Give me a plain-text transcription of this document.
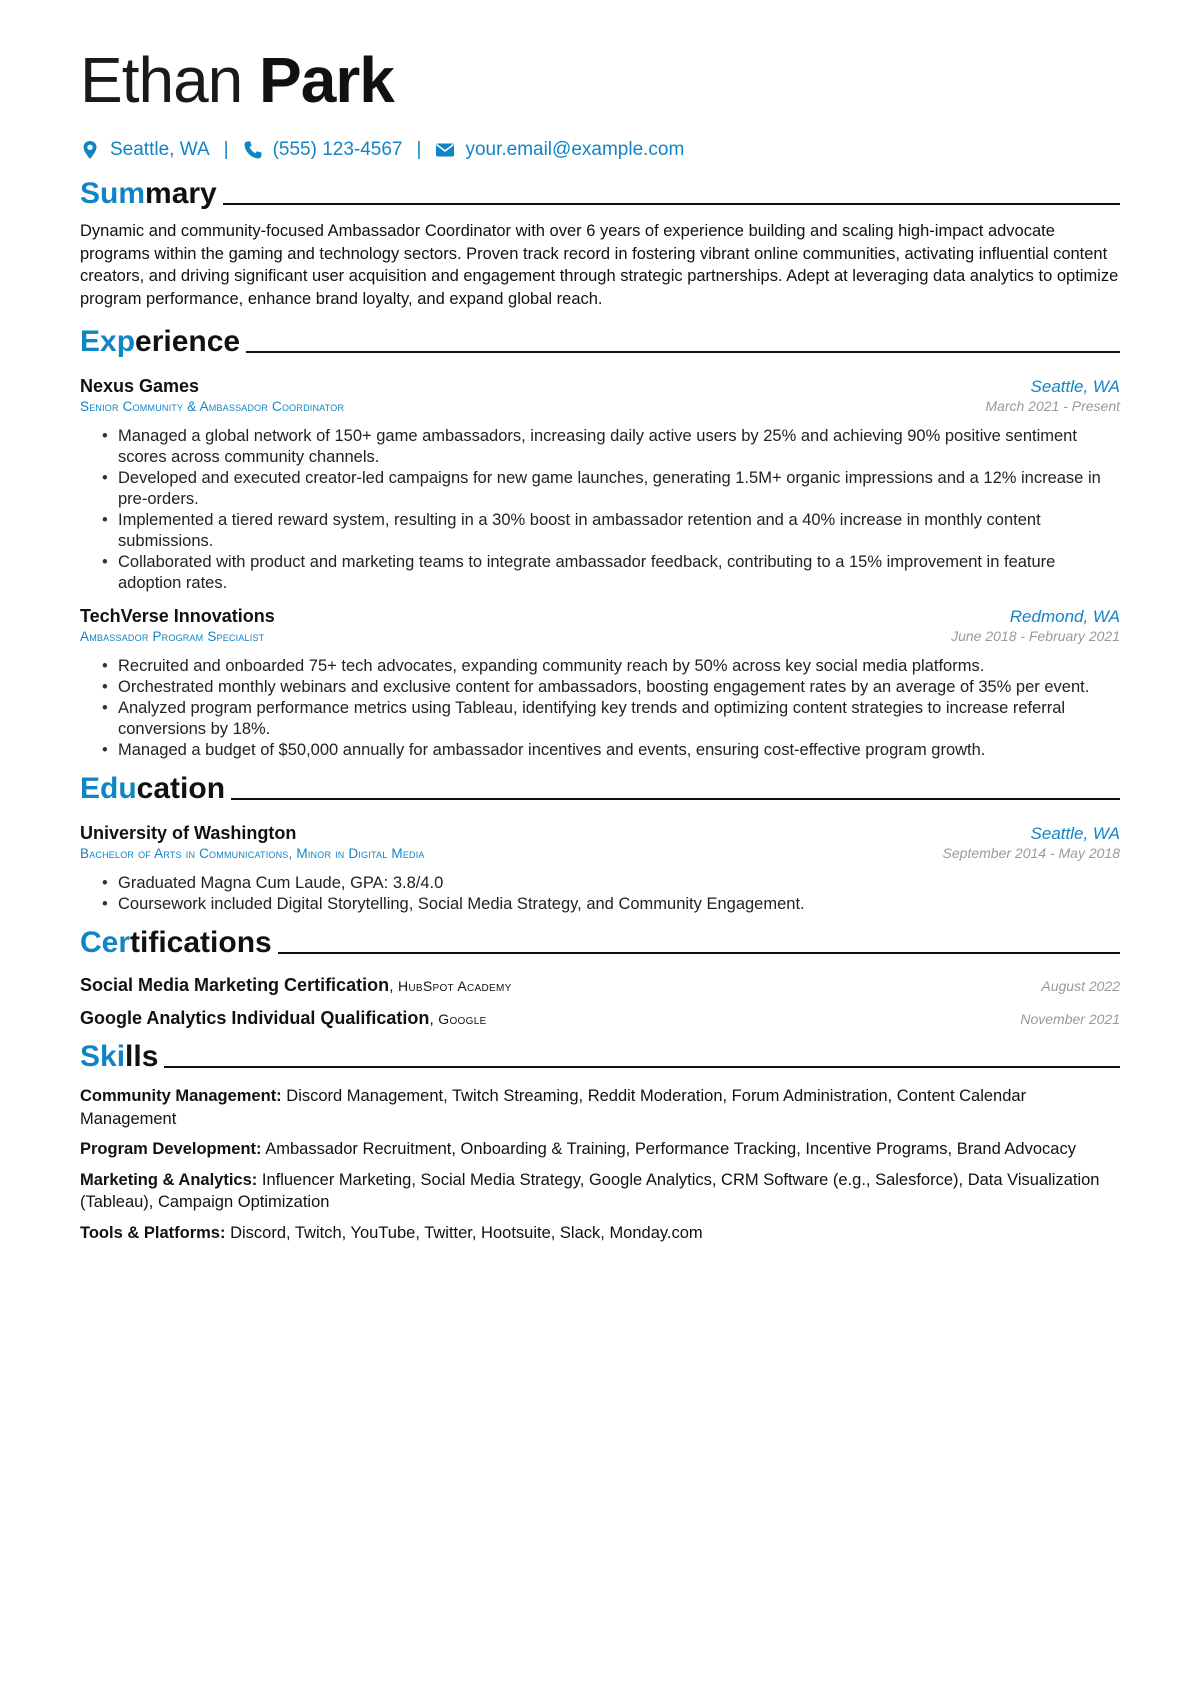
Ethan Park
Seattle, WA | (555) 123-4567 | your.email@example.com
Summary

Dynamic and community-focused Ambassador Coordinator with over 6 years of experience building and scaling high-impact advocate programs within the gaming and technology sectors. Proven track record in fostering vibrant online communities, activating influential content creators, and driving significant user acquisition and engagement through strategic partnerships. Adept at leveraging data analytics to optimize program performance, enhance brand loyalty, and expand global reach.

Experience
Nexus Games	Seattle, WA
Senior Community & Ambassador Coordinator	March 2021 - Present
• Managed a global network of 150+ game ambassadors, increasing daily active users by 25% and achieving 90% positive sentiment scores across community channels.
• Developed and executed creator-led campaigns for new game launches, generating 1.5M+ organic impressions and a 12% increase in pre-orders.
• Implemented a tiered reward system, resulting in a 30% boost in ambassador retention and a 40% increase in monthly content submissions.
• Collaborated with product and marketing teams to integrate ambassador feedback, contributing to a 15% improvement in feature adoption rates.
TechVerse Innovations	Redmond, WA
Ambassador Program Specialist	June 2018 - February 2021
• Recruited and onboarded 75+ tech advocates, expanding community reach by 50% across key social media platforms.
• Orchestrated monthly webinars and exclusive content for ambassadors, boosting engagement rates by an average of 35% per event.
• Analyzed program performance metrics using Tableau, identifying key trends and optimizing content strategies to increase referral conversions by 18%.
• Managed a budget of $50,000 annually for ambassador incentives and events, ensuring cost-effective program growth.
Education
University of Washington	Seattle, WA
Bachelor of Arts in Communications, Minor in Digital Media	September 2014 - May 2018
• Graduated Magna Cum Laude, GPA: 3.8/4.0
• Coursework included Digital Storytelling, Social Media Strategy, and Community Engagement.
Certifications
Social Media Marketing Certification, HubSpot Academy	August 2022
Google Analytics Individual Qualification, Google	November 2021
Skills
Community Management: Discord Management, Twitch Streaming, Reddit Moderation, Forum Administration, Content Calendar Management
Program Development: Ambassador Recruitment, Onboarding & Training, Performance Tracking, Incentive Programs, Brand Advocacy
Marketing & Analytics: Influencer Marketing, Social Media Strategy, Google Analytics, CRM Software (e.g., Salesforce), Data Visualization (Tableau), Campaign Optimization
Tools & Platforms: Discord, Twitch, YouTube, Twitter, Hootsuite, Slack, Monday.com
